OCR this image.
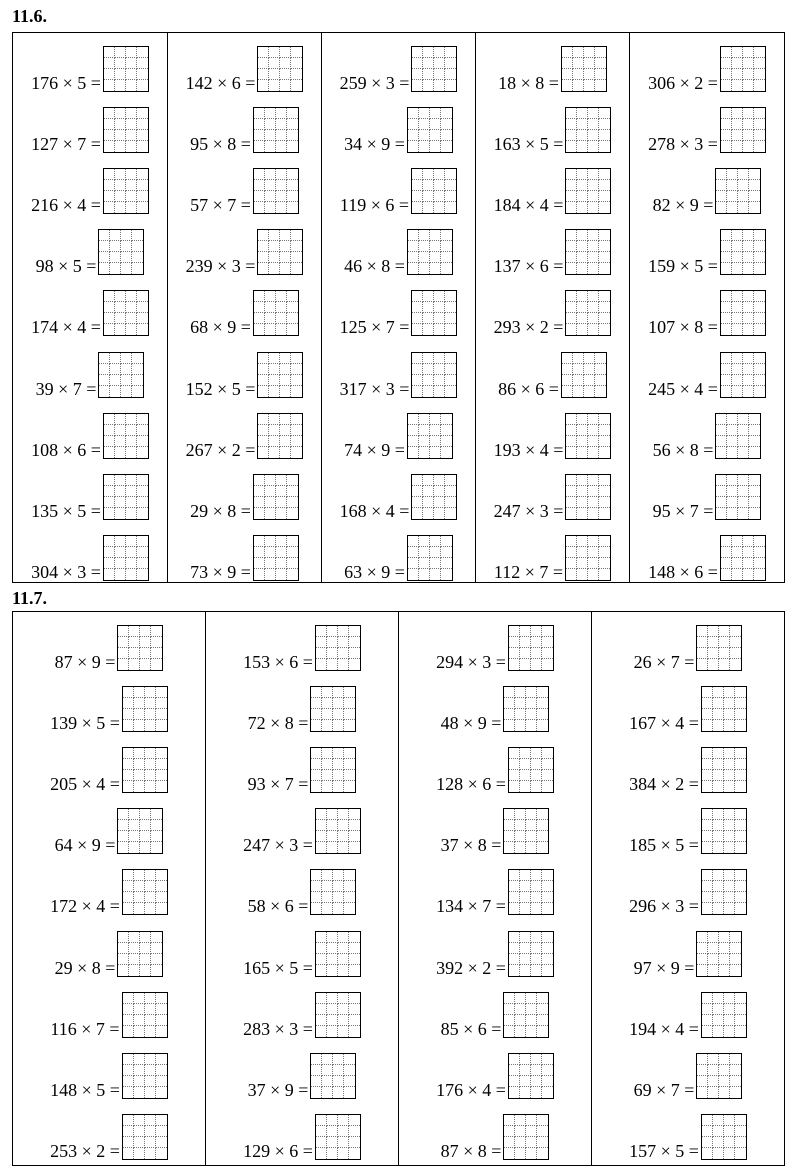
11.6.
176 × 5 =
127 × 7 =
216 × 4 =
98 × 5 =
174 × 4 =
39 × 7 =
108 × 6 =
135 × 5 =
304 × 3 =
142 × 6 =
95 × 8 =
57 × 7 =
239 × 3 =
68 × 9 =
152 × 5 =
267 × 2 =
29 × 8 =
73 × 9 =
259 × 3 =
34 × 9 =
119 × 6 =
46 × 8 =
125 × 7 =
317 × 3 =
74 × 9 =
168 × 4 =
63 × 9 =
18 × 8 =
163 × 5 =
184 × 4 =
137 × 6 =
293 × 2 =
86 × 6 =
193 × 4 =
247 × 3 =
112 × 7 =
306 × 2 =
278 × 3 =
82 × 9 =
159 × 5 =
107 × 8 =
245 × 4 =
56 × 8 =
95 × 7 =
148 × 6 =
11.7.
87 × 9 =
139 × 5 =
205 × 4 =
64 × 9 =
172 × 4 =
29 × 8 =
116 × 7 =
148 × 5 =
253 × 2 =
153 × 6 =
72 × 8 =
93 × 7 =
247 × 3 =
58 × 6 =
165 × 5 =
283 × 3 =
37 × 9 =
129 × 6 =
294 × 3 =
48 × 9 =
128 × 6 =
37 × 8 =
134 × 7 =
392 × 2 =
85 × 6 =
176 × 4 =
87 × 8 =
26 × 7 =
167 × 4 =
384 × 2 =
185 × 5 =
296 × 3 =
97 × 9 =
194 × 4 =
69 × 7 =
157 × 5 =
